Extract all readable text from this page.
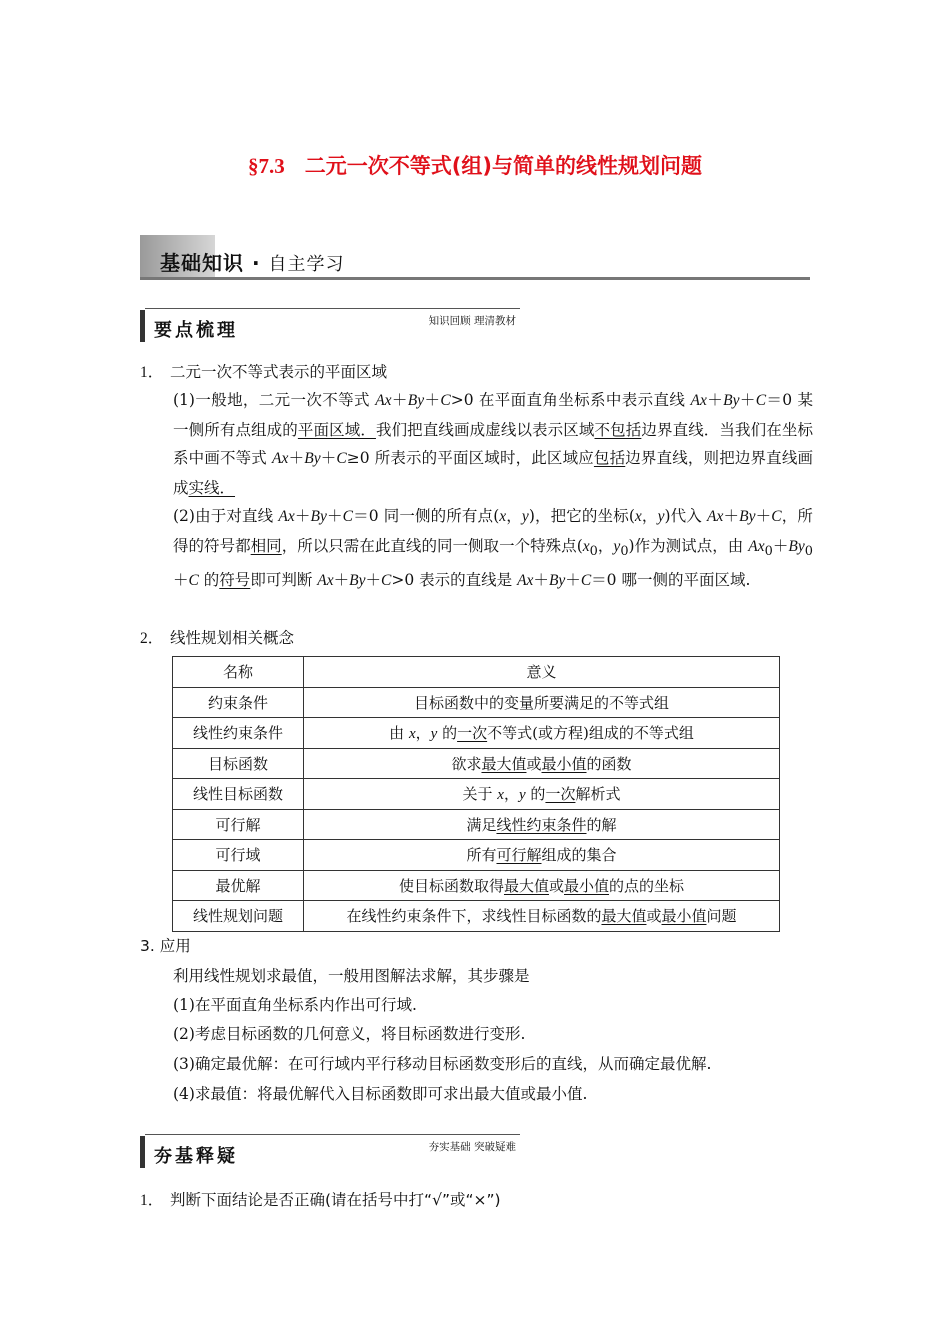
§7.3 二元一次不等式(组)与简单的线性规划问题
基础知识 · 自主学习
要点梳理	知识回顾 理清教材
1． 二元一次不等式表示的平面区域
(1)一般地，二元一次不等式 Ax＋By＋C>0 在平面直角坐标系中表示直线 Ax＋By＋C＝0 某一侧所有点组成的平面区域．我们把直线画成虚线以表示区域不包括边界直线．当我们在坐标系中画不等式 Ax＋By＋C≥0 所表示的平面区域时，此区域应包括边界直线，则把边界直线画成实线．
(2)由于对直线 Ax＋By＋C＝0 同一侧的所有点(x，y)，把它的坐标(x，y)代入 Ax＋By＋C，所得的符号都相同，所以只需在此直线的同一侧取一个特殊点($x_0$，$y_0$)作为测试点，由 $Ax_0+By_0+C$ 的符号即可判断 Ax＋By＋C>0 表示的直线是 Ax＋By＋C＝0 哪一侧的平面区域.
2． 线性规划相关概念
名称	意义
约束条件	目标函数中的变量所要满足的不等式组
线性约束条件	由 x，y 的一次不等式(或方程)组成的不等式组
目标函数	欲求最大值或最小值的函数
线性目标函数	关于 x，y 的一次解析式
可行解	满足线性约束条件的解
可行域	所有可行解组成的集合
最优解	使目标函数取得最大值或最小值的点的坐标
线性规划问题	在线性约束条件下，求线性目标函数的最大值或最小值问题
3. 应用
利用线性规划求最值，一般用图解法求解，其步骤是
(1)在平面直角坐标系内作出可行域.
(2)考虑目标函数的几何意义，将目标函数进行变形.
(3)确定最优解：在可行域内平行移动目标函数变形后的直线，从而确定最优解.
(4)求最值：将最优解代入目标函数即可求出最大值或最小值.
夯基释疑	夯实基础 突破疑难
1． 判断下面结论是否正确(请在括号中打“√”或“×”)
